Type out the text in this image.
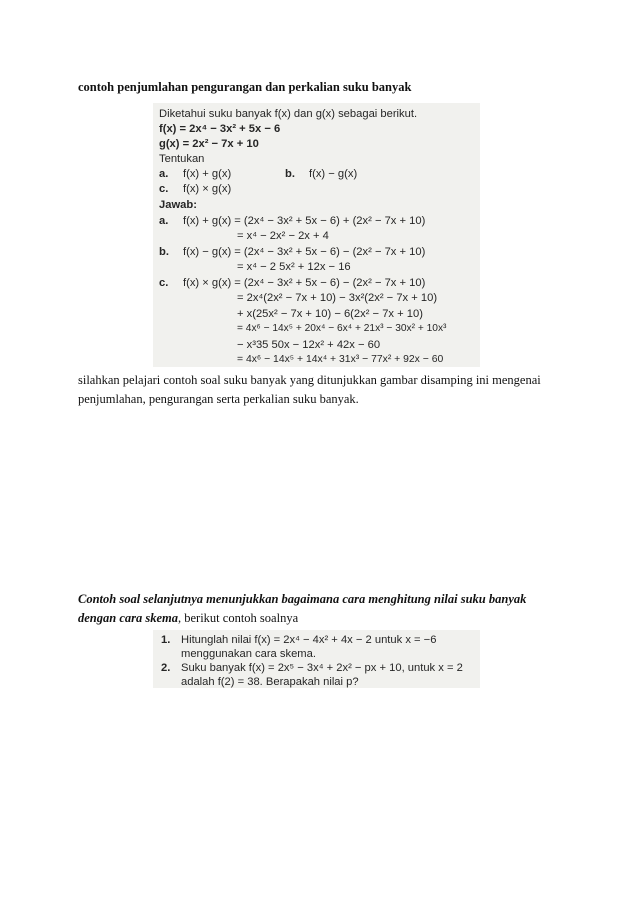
contoh penjumlahan pengurangan dan perkalian suku banyak
Diketahui suku banyak f(x) dan g(x) sebagai berikut.
f(x) = 2x⁴ − 3x² + 5x − 6
g(x) = 2x² − 7x + 10
Tentukan
a. f(x) + g(x)	b. f(x) − g(x)
c. f(x) × g(x)
Jawab:
a. f(x) + g(x) = (2x⁴ − 3x² + 5x − 6) + (2x² − 7x + 10)
= x⁴ − 2x² − 2x + 4
b. f(x) − g(x) = (2x⁴ − 3x² + 5x − 6) − (2x² − 7x + 10)
= x⁴ − 2 5x² + 12x − 16
c. f(x) × g(x) = (2x⁴ − 3x² + 5x − 6) − (2x² − 7x + 10)
= 2x⁴(2x² − 7x + 10) − 3x²(2x² − 7x + 10)
+ x(25x² − 7x + 10) − 6(2x² − 7x + 10)
= 4x⁶ − 14x⁵ + 20x⁴ − 6x⁴ + 21x³ − 30x² + 10x³
− x³35 50x − 12x² + 42x − 60
= 4x⁶ − 14x⁵ + 14x⁴ + 31x³ − 77x² + 92x − 60
silahkan pelajari contoh soal suku banyak yang ditunjukkan gambar disamping ini mengenai penjumlahan, pengurangan serta perkalian suku banyak.
Contoh soal selanjutnya menunjukkan bagaimana cara menghitung nilai suku banyak dengan cara skema, berikut contoh soalnya
1. Hitunglah nilai f(x) = 2x⁴ − 4x² + 4x − 2 untuk x = −6
menggunakan cara skema.
2. Suku banyak f(x) = 2x⁵ − 3x⁴ + 2x² − px + 10, untuk x = 2
adalah f(2) = 38. Berapakah nilai p?
